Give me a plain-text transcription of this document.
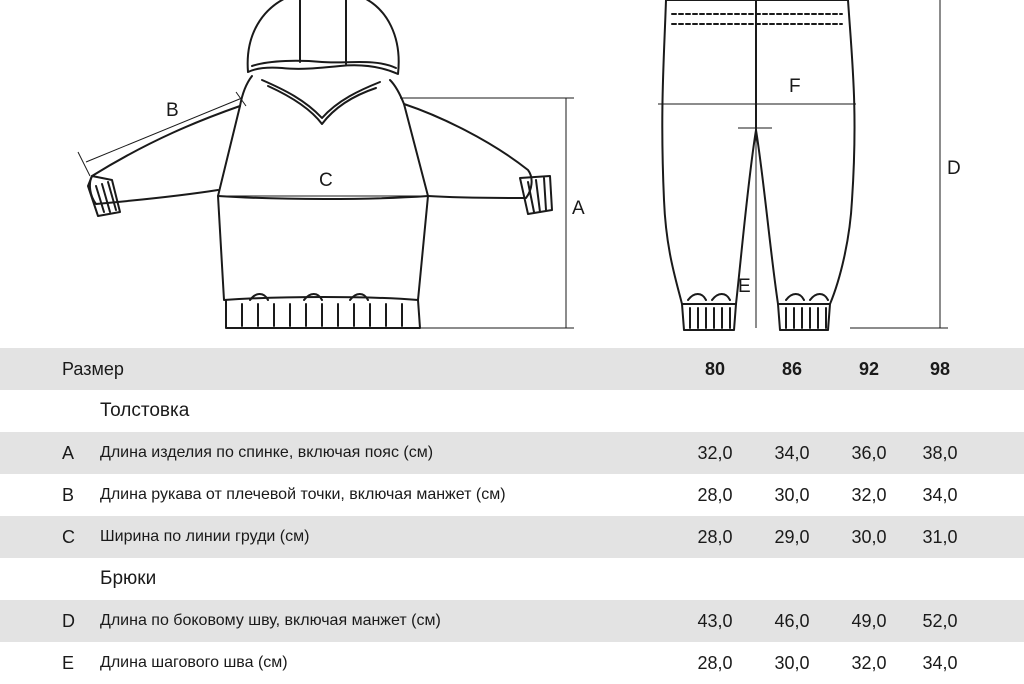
B
C
A
F
D
E
Размер	80	86	92	98
Толстовка
A Длина изделия по спинке, включая пояс (см)	32,0	34,0	36,0	38,0
B Длина рукава от плечевой точки, включая манжет (см)	28,0	30,0	32,0	34,0
C Ширина по линии груди (см)	28,0	29,0	30,0	31,0
Брюки
D Длина по боковому шву, включая манжет (см)	43,0	46,0	49,0	52,0
E Длина шагового шва (см)	28,0	30,0	32,0	34,0
